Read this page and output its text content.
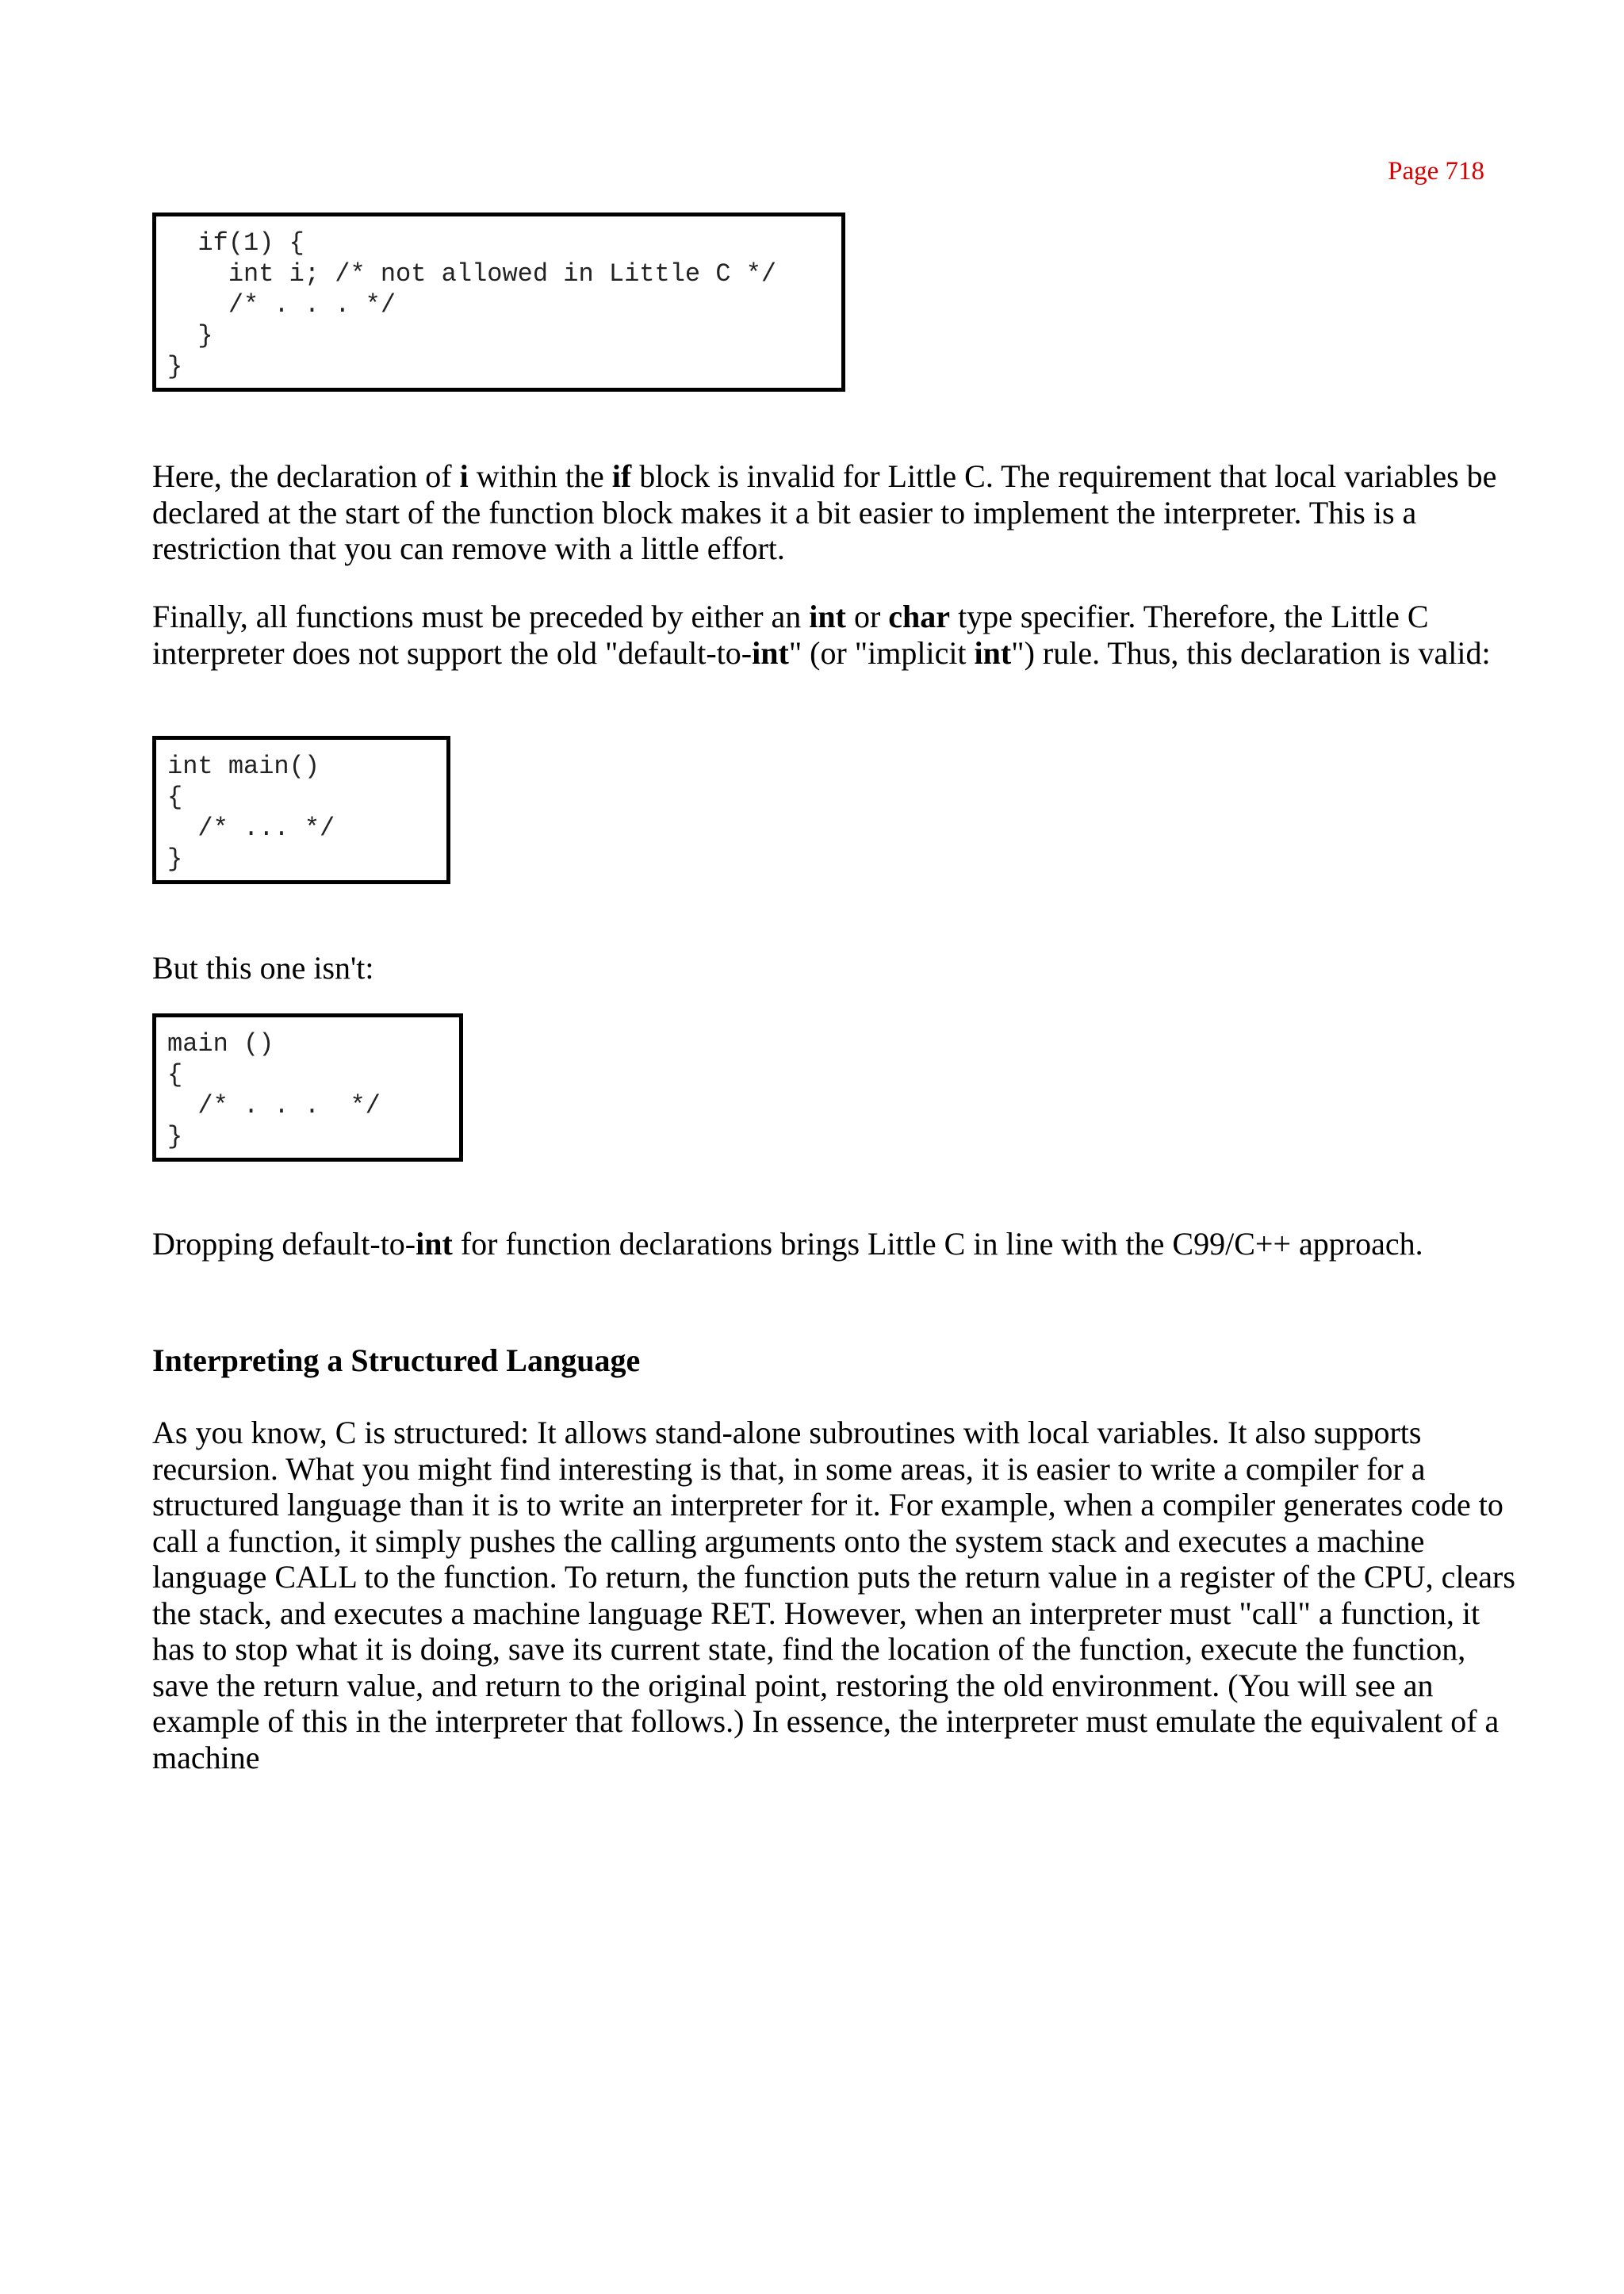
Page 718
if(1) {
int i; /* not allowed in Little C */
/* . . . */
}
}

Here, the declaration of i within the if block is invalid for Little C. The requirement that local variables be declared at the start of the function block makes it a bit easier to implement the interpreter. This is a restriction that you can remove with a little effort.

Finally, all functions must be preceded by either an int or char type specifier. Therefore, the Little C interpreter does not support the old "default-to-int" (or "implicit int") rule. Thus, this declaration is valid:

int main()
{
/* ... */
}

But this one isn't:

main ()
{
/* . . .  */
}

Dropping default-to-int for function declarations brings Little C in line with the C99/C++ approach.

Interpreting a Structured Language

As you know, C is structured: It allows stand-alone subroutines with local variables. It also supports recursion. What you might find interesting is that, in some areas, it is easier to write a compiler for a structured language than it is to write an interpreter for it. For example, when a compiler generates code to call a function, it simply pushes the calling arguments onto the system stack and executes a machine language CALL to the function. To return, the function puts the return value in a register of the CPU, clears the stack, and executes a machine language RET. However, when an interpreter must "call" a function, it has to stop what it is doing, save its current state, find the location of the function, execute the function, save the return value, and return to the original point, restoring the old environment. (You will see an example of this in the interpreter that follows.) In essence, the interpreter must emulate the equivalent of a machine
